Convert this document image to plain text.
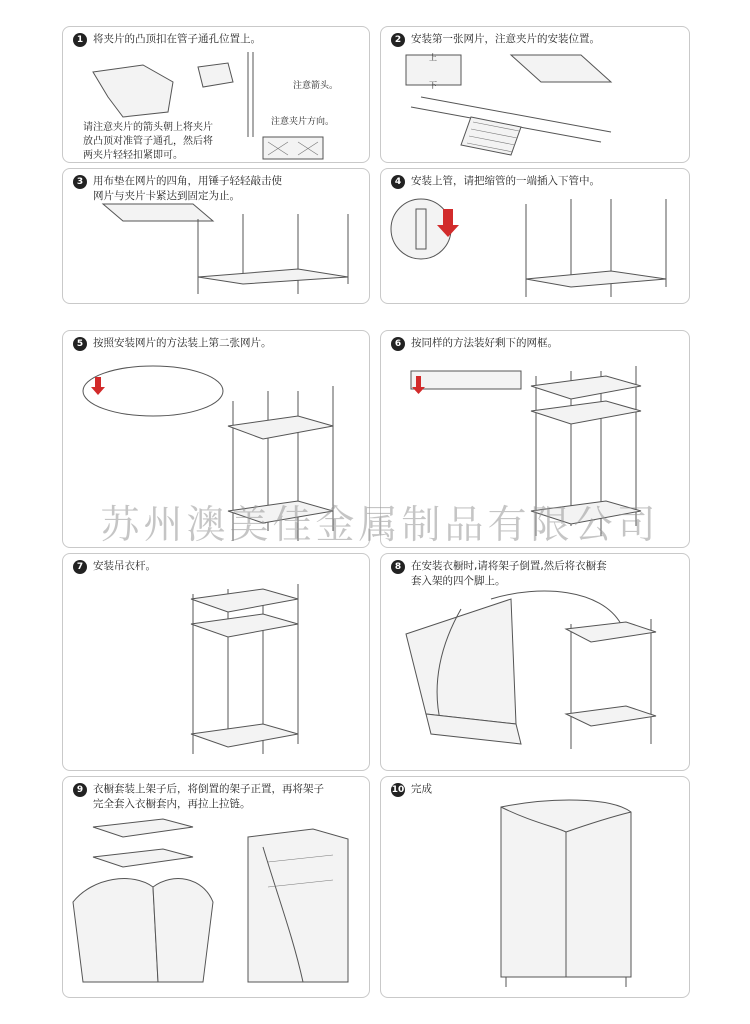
1 将夹片的凸顶扣在管子通孔位置上。
请注意夹片的箭头朝上将夹片
放凸顶对准管子通孔，然后将
两夹片轻轻扣紧即可。
注意箭头。
注意夹片方向。
2 安装第一张网片，注意夹片的安装位置。
上
下
3 用布垫在网片的四角，用锤子轻轻敲击使
网片与夹片卡紧达到固定为止。
4 安装上管，请把缩管的一端插入下管中。
5 按照安装网片的方法装上第二张网片。	6 按同样的方法装好剩下的网框。
7 安装吊衣杆。	8 在安装衣橱时,请将架子倒置,然后将衣橱套
套入架的四个脚上。
9 衣橱套装上架子后，将倒置的架子正置，再将架子
完全套入衣橱套内，再拉上拉链。
10 完成
苏州澳美佳金属制品有限公司
